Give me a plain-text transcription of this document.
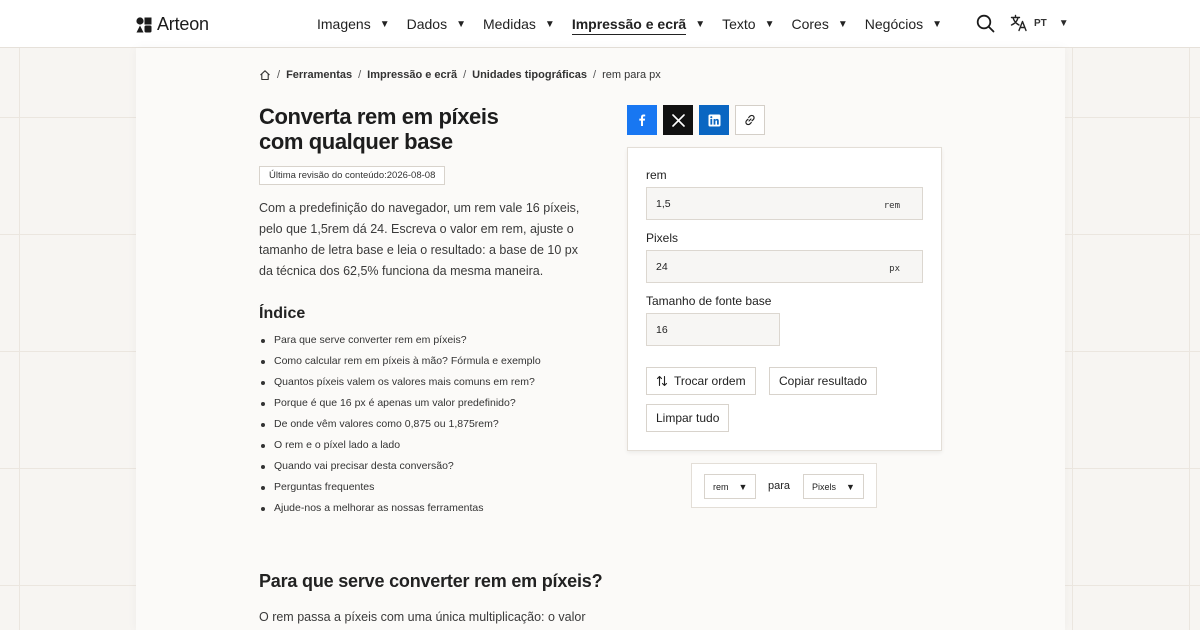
Arteon	Imagens ▼ Dados ▼ Medidas ▼ Impressão e ecrã ▼ Texto ▼ Cores ▼ Negócios ▼	PT ▼
/ Ferramentas / Impressão e ecrã / Unidades tipográficas / rem para px
Converta rem em píxeis
com qualquer base
Última revisão do conteúdo:2026-08-08

Com a predefinição do navegador, um rem vale 16 píxeis, pelo que 1,5rem dá 24. Escreva o valor em rem, ajuste o tamanho de letra base e leia o resultado: a base de 10 px da técnica dos 62,5% funciona da mesma maneira.

Índice
Para que serve converter rem em píxeis?
Como calcular rem em píxeis à mão? Fórmula e exemplo
Quantos píxeis valem os valores mais comuns em rem?
Porque é que 16 px é apenas um valor predefinido?
De onde vêm valores como 0,875 ou 1,875rem?
O rem e o píxel lado a lado
Quando vai precisar desta conversão?
Perguntas frequentes
Ajude-nos a melhorar as nossas ferramentas
Para que serve converter rem em píxeis?

O rem passa a píxeis com uma única multiplicação: o valor

rem
1,5	rem
Pixels
24	px
Tamanho de fonte base
16
Trocar ordem	Copiar resultado
Limpar tudo
rem ▼ para Pixels ▼
